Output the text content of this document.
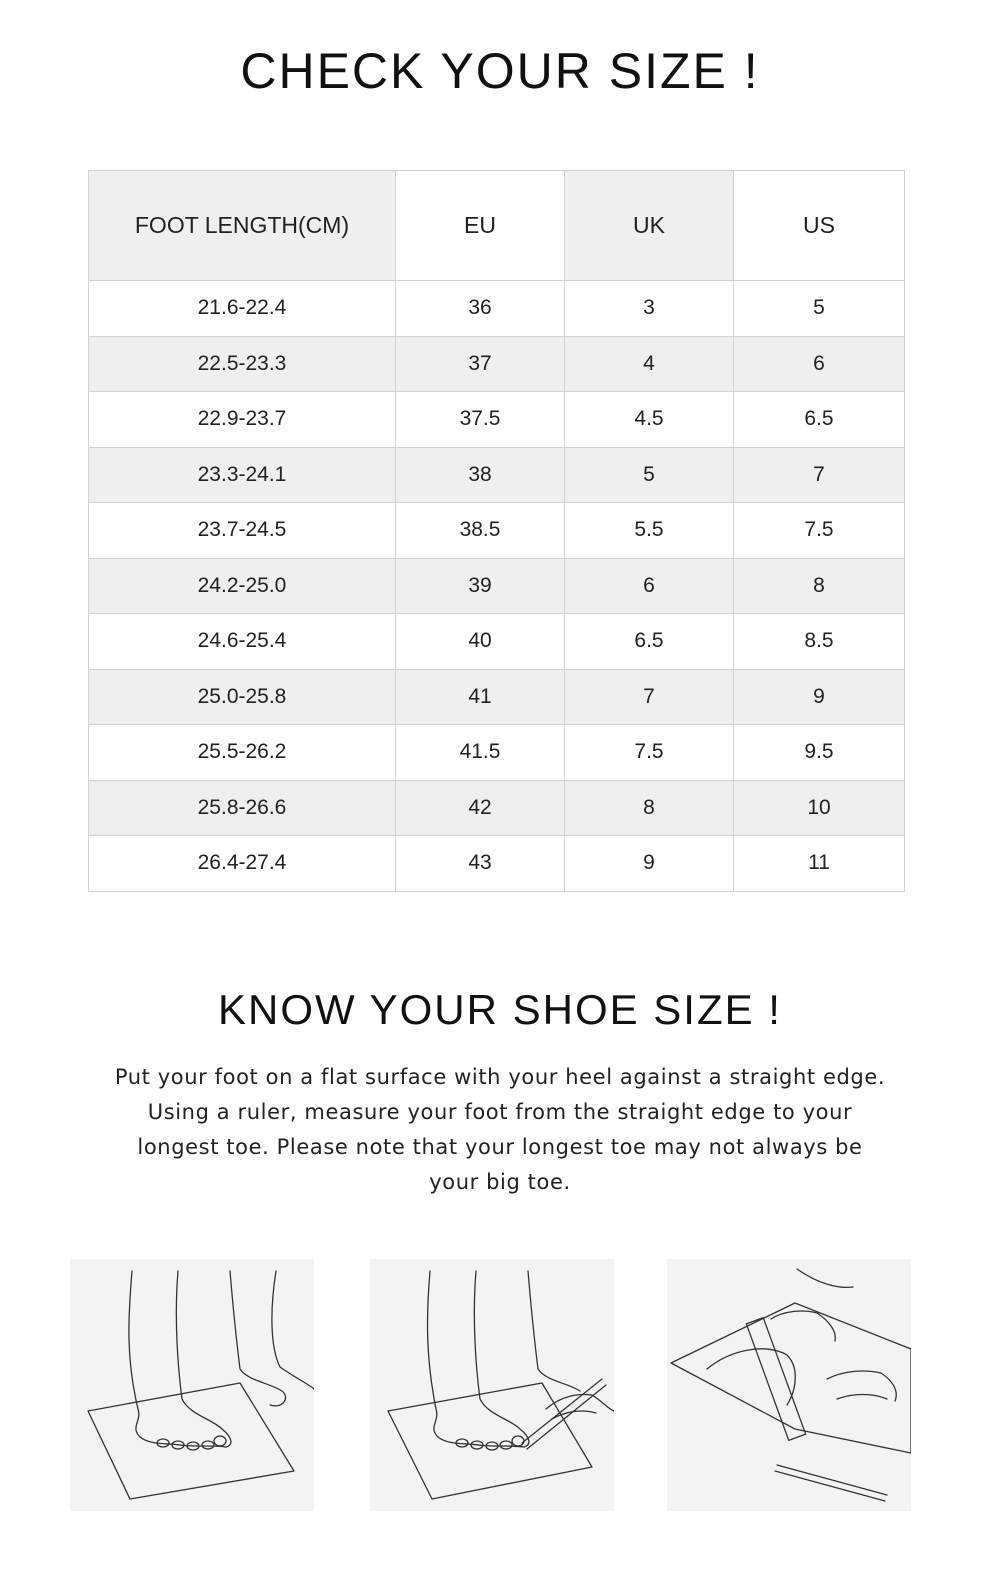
CHECK YOUR SIZE !
FOOT LENGTH(CM)	EU	UK	US
21.6-22.4	36	3	5
22.5-23.3	37	4	6
22.9-23.7	37.5	4.5	6.5
23.3-24.1	38	5	7
23.7-24.5	38.5	5.5	7.5
24.2-25.0	39	6	8
24.6-25.4	40	6.5	8.5
25.0-25.8	41	7	9
25.5-26.2	41.5	7.5	9.5
25.8-26.6	42	8	10
26.4-27.4	43	9	11
KNOW YOUR SHOE SIZE !

Put your foot on a flat surface with your heel against a straight edge. Using a ruler, measure your foot from the straight edge to your longest toe. Please note that your longest toe may not always be your big toe.
